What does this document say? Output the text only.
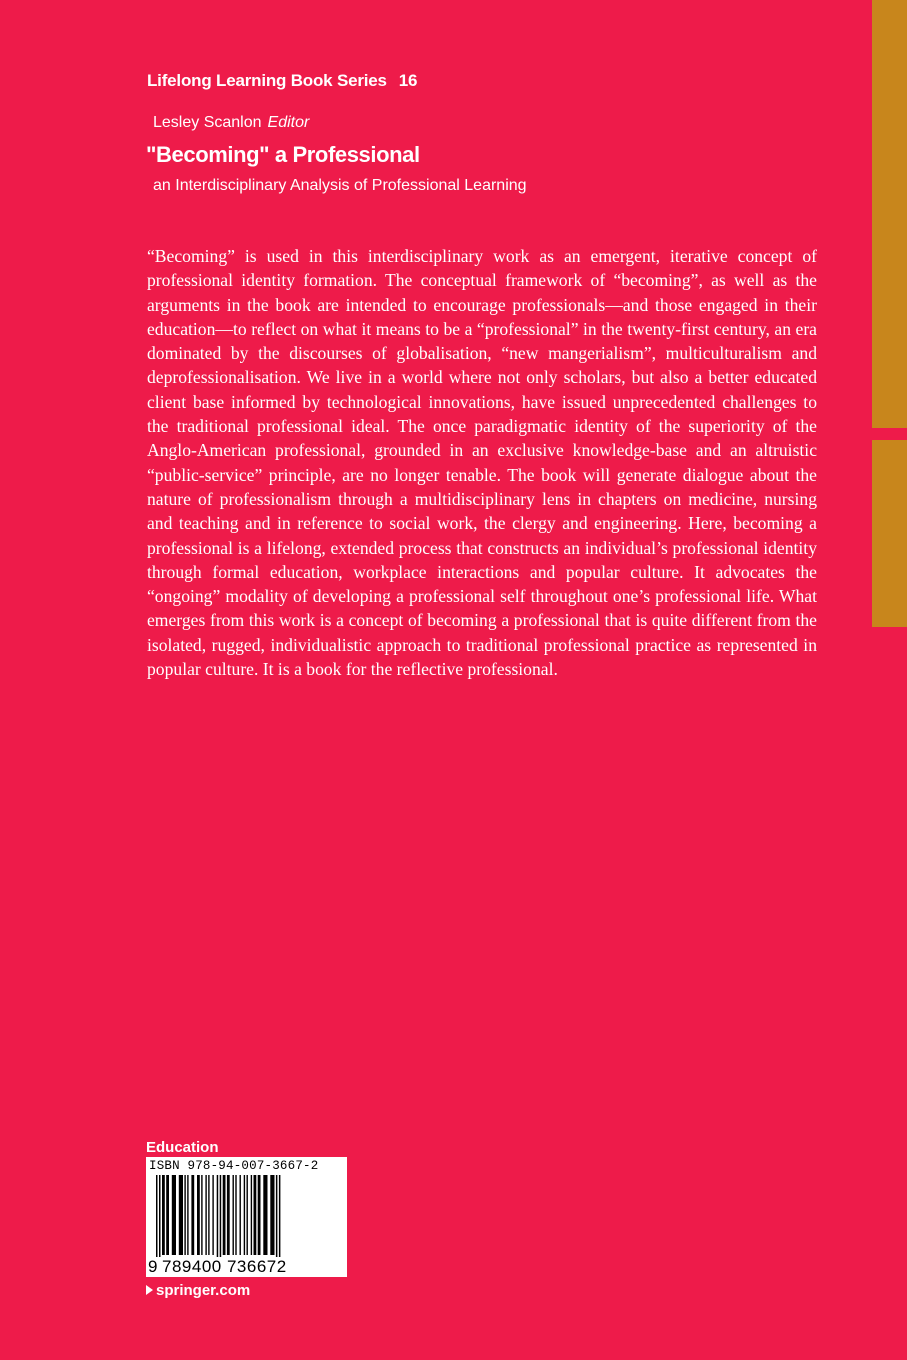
Lifelong Learning Book Series 16
Lesley Scanlon Editor
"Becoming" a Professional
an Interdisciplinary Analysis of Professional Learning

“Becoming” is used in this interdisciplinary work as an emergent, iterative concept of professional identity formation. The conceptual framework of “becoming”, as well as the arguments in the book are intended to encourage professionals—and those engaged in their education—to reflect on what it means to be a “professional” in the twenty-first century, an era dominated by the discourses of globalisation, “new mangerialism”, multiculturalism and deprofessionalisation. We live in a world where not only scholars, but also a better educated client base informed by technological innovations, have issued unprecedented challenges to the traditional professional ideal. The once paradigmatic identity of the superiority of the Anglo-American professional, grounded in an exclusive knowledge-base and an altruistic “public-service” principle, are no longer tenable. The book will generate dialogue about the nature of professionalism through a multidisciplinary lens in chapters on medicine, nursing and teaching and in reference to social work, the clergy and engineering. Here, becoming a professional is a lifelong, extended process that constructs an individual’s professional identity through formal education, workplace interactions and popular culture. It advocates the “ongoing” modality of developing a professional self throughout one’s professional life. What emerges from this work is a concept of becoming a professional that is quite different from the isolated, rugged, individualistic approach to traditional professional practice as represented in popular culture. It is a book for the reflective professional.

Education
ISBN 978-94-007-3667-2
9 789400 736672
springer.com
